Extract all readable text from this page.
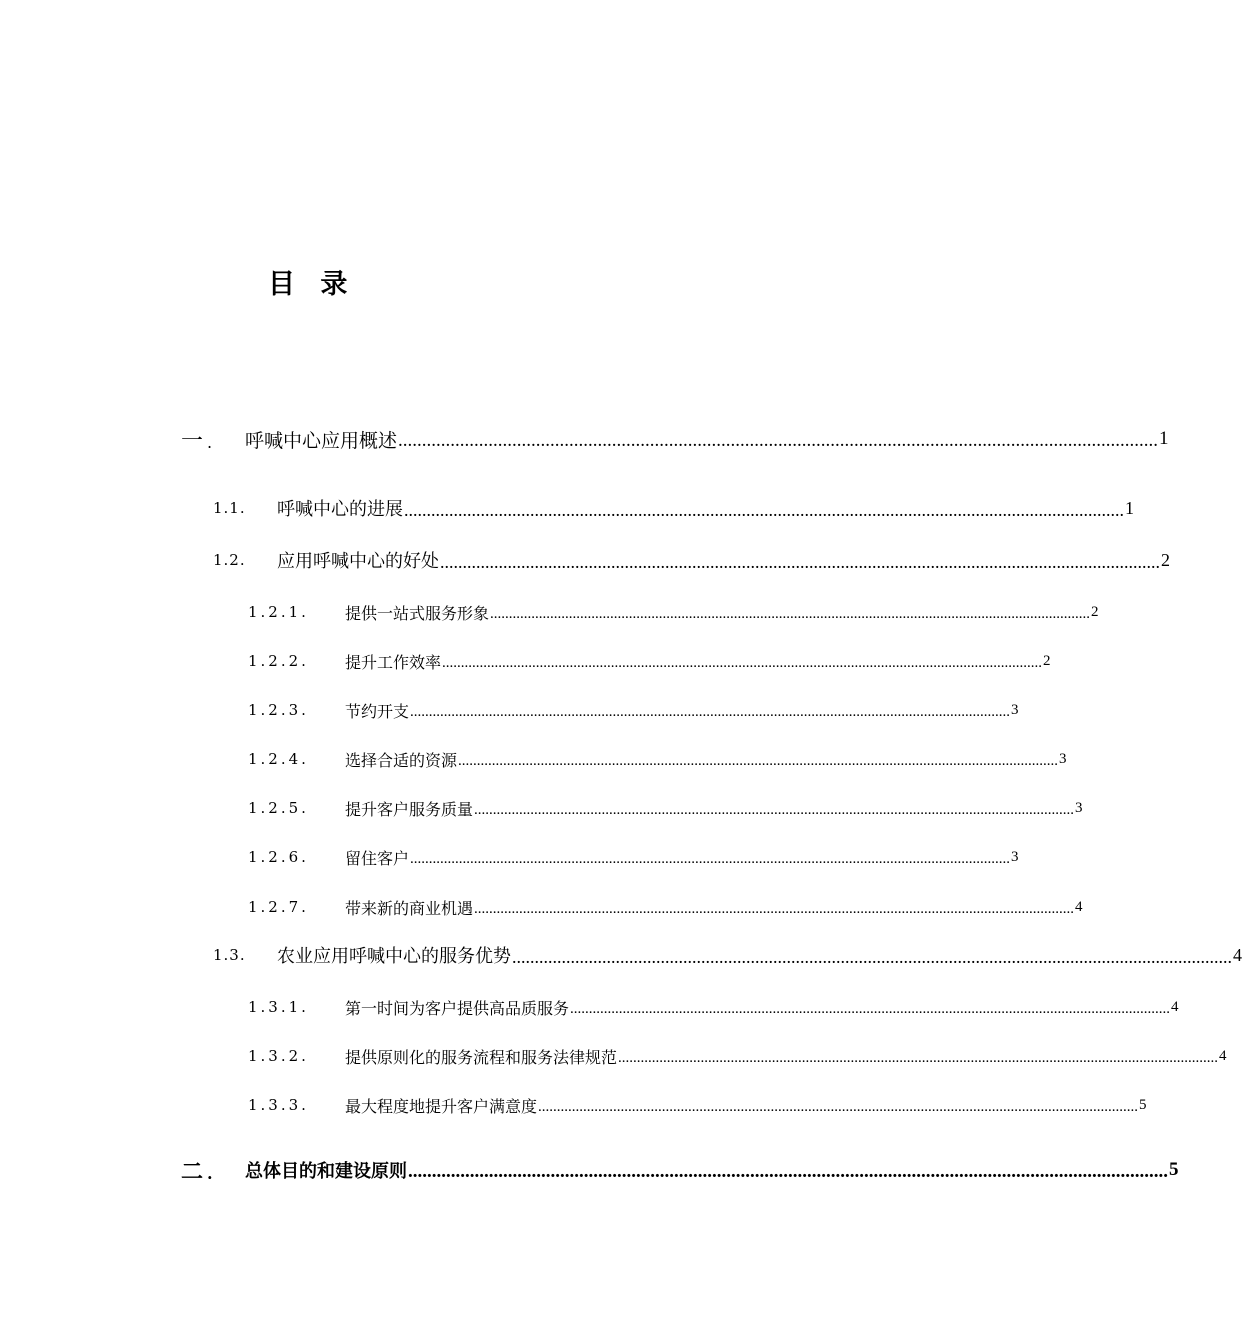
目 录
一 .	呼喊中心应用概述 ................................................................................................................................................................ 1
1.1.	呼喊中心的进展 ................................................................................................................................................................ 1
1.2.	应用呼喊中心的好处 ................................................................................................................................................................ 2
1.2.1.	提供一站式服务形象 ................................................................................................................................................................ 2
1.2.2.	提升工作效率 ................................................................................................................................................................ 2
1.2.3.	节约开支 ................................................................................................................................................................ 3
1.2.4.	选择合适的资源 ................................................................................................................................................................ 3
1.2.5.	提升客户服务质量 ................................................................................................................................................................ 3
1.2.6.	留住客户 ................................................................................................................................................................ 3
1.2.7.	带来新的商业机遇 ................................................................................................................................................................ 4
1.3.	农业应用呼喊中心的服务优势 ................................................................................................................................................................ 4
1.3.1.	第一时间为客户提供高品质服务 ................................................................................................................................................................ 4
1.3.2.	提供原则化的服务流程和服务法律规范 ................................................................................................................................................................ 4
1.3.3.	最大程度地提升客户满意度 ................................................................................................................................................................ 5
二 .	总体目的和建设原则 ................................................................................................................................................................ 5
